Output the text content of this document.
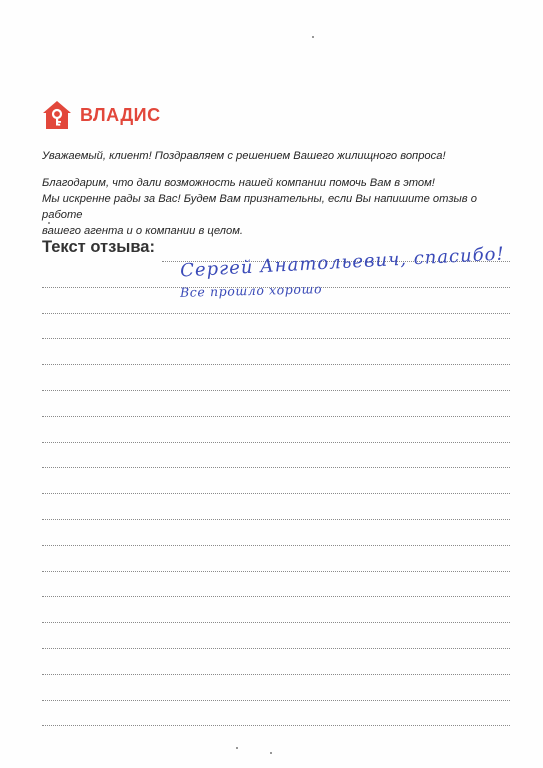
ВЛАДИС

Уважаемый, клиент! Поздравляем с решением Вашего жилищного вопроса!

Благодарим, что дали возможность нашей компании помочь Вам в этом!

Мы искренне рады за Вас! Будем Вам признательны, если Вы напишите отзыв о работе

вашего агента и о компании в целом.

Текст отзыва: Сергей Анатольевич, спасибо!
Все прошло хорошо
